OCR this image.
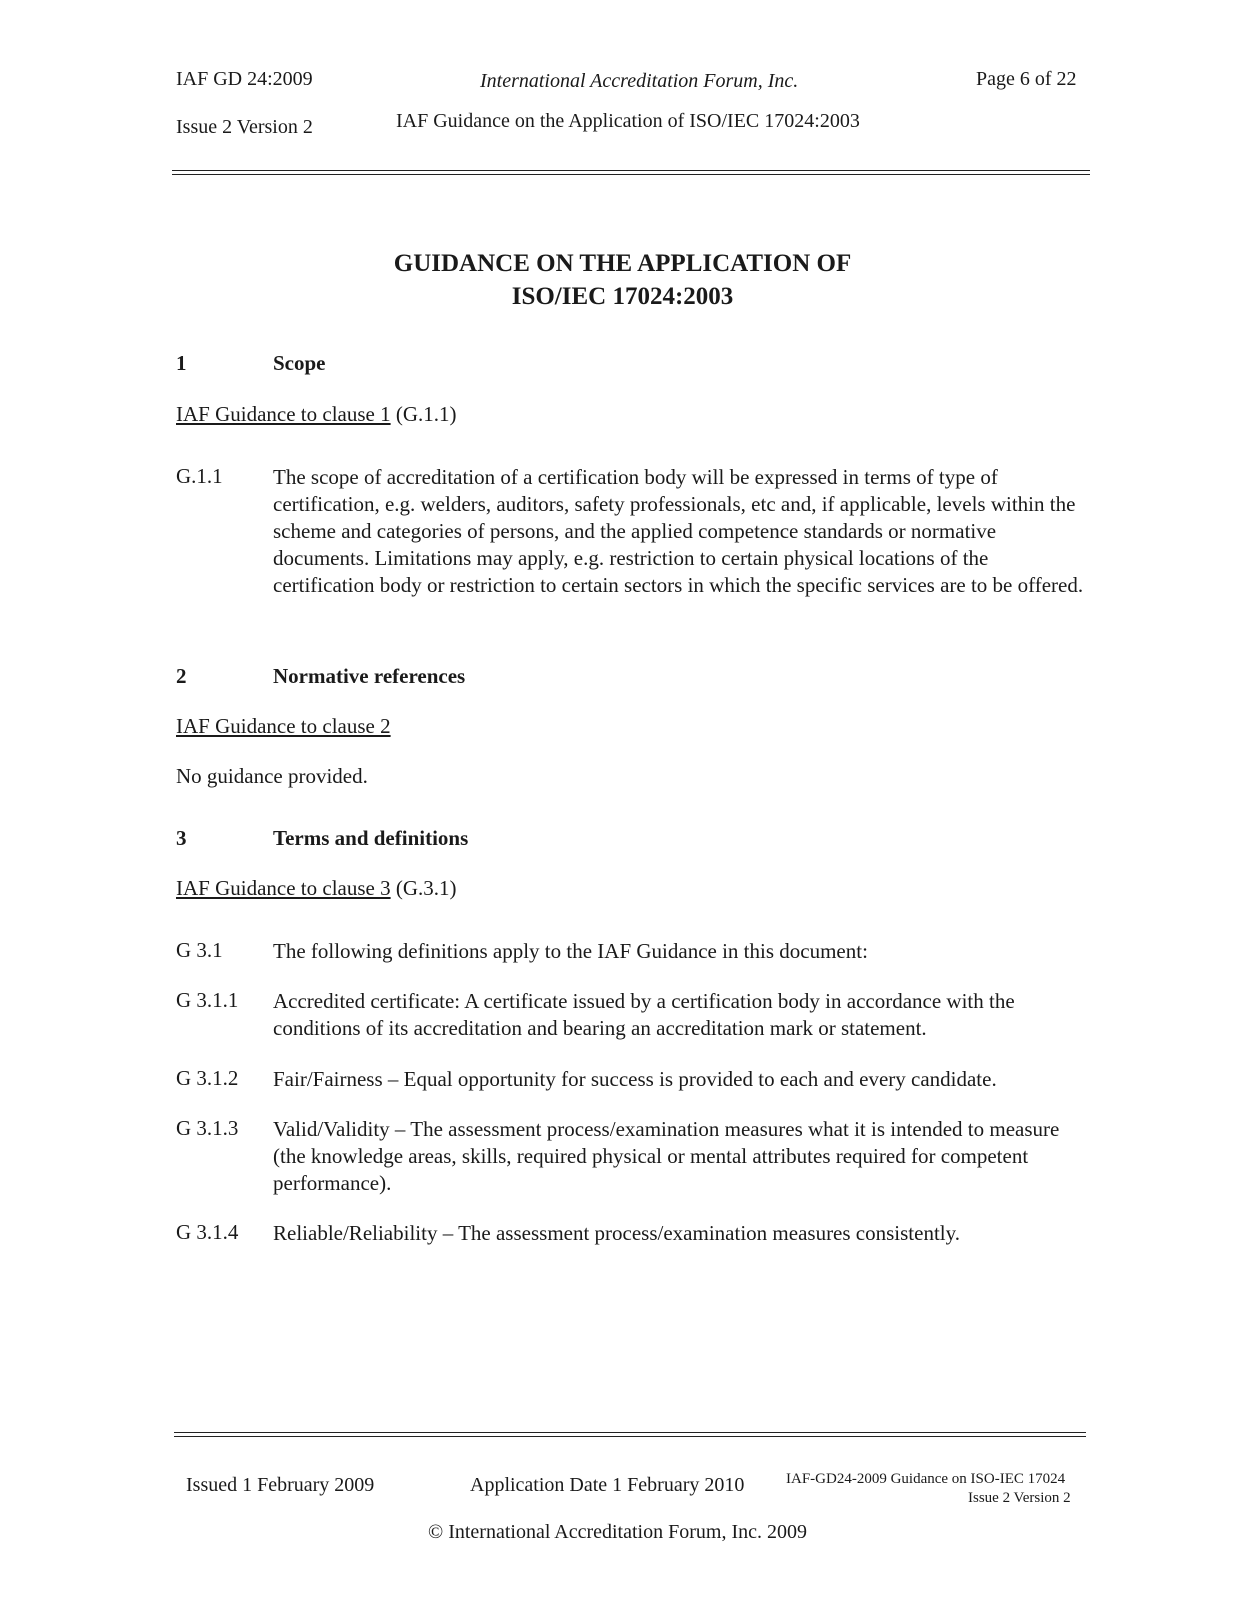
IAF GD 24:2009	International Accreditation Forum, Inc.	Page 6 of 22
Issue 2 Version 2	IAF Guidance on the Application of ISO/IEC 17024:2003
GUIDANCE ON THE APPLICATION OF
ISO/IEC 17024:2003
1	Scope
IAF Guidance to clause 1 (G.1.1)
G.1.1 The scope of accreditation of a certification body will be expressed in terms of type of certification, e.g. welders, auditors, safety professionals, etc and, if applicable, levels within the scheme and categories of persons, and the applied competence standards or normative documents. Limitations may apply, e.g. restriction to certain physical locations of the certification body or restriction to certain sectors in which the specific services are to be offered.
2	Normative references
IAF Guidance to clause 2
No guidance provided.
3	Terms and definitions
IAF Guidance to clause 3 (G.3.1)
G 3.1 The following definitions apply to the IAF Guidance in this document:
G 3.1.1 Accredited certificate: A certificate issued by a certification body in accordance with the conditions of its accreditation and bearing an accreditation mark or statement.
G 3.1.2 Fair/Fairness – Equal opportunity for success is provided to each and every candidate.
G 3.1.3 Valid/Validity – The assessment process/examination measures what it is intended to measure (the knowledge areas, skills, required physical or mental attributes required for competent performance).
G 3.1.4 Reliable/Reliability – The assessment process/examination measures consistently.
Issued 1 February 2009	Application Date 1 February 2010	IAF-GD24-2009 Guidance on ISO-IEC 17024
Issue 2 Version 2
© International Accreditation Forum, Inc. 2009
